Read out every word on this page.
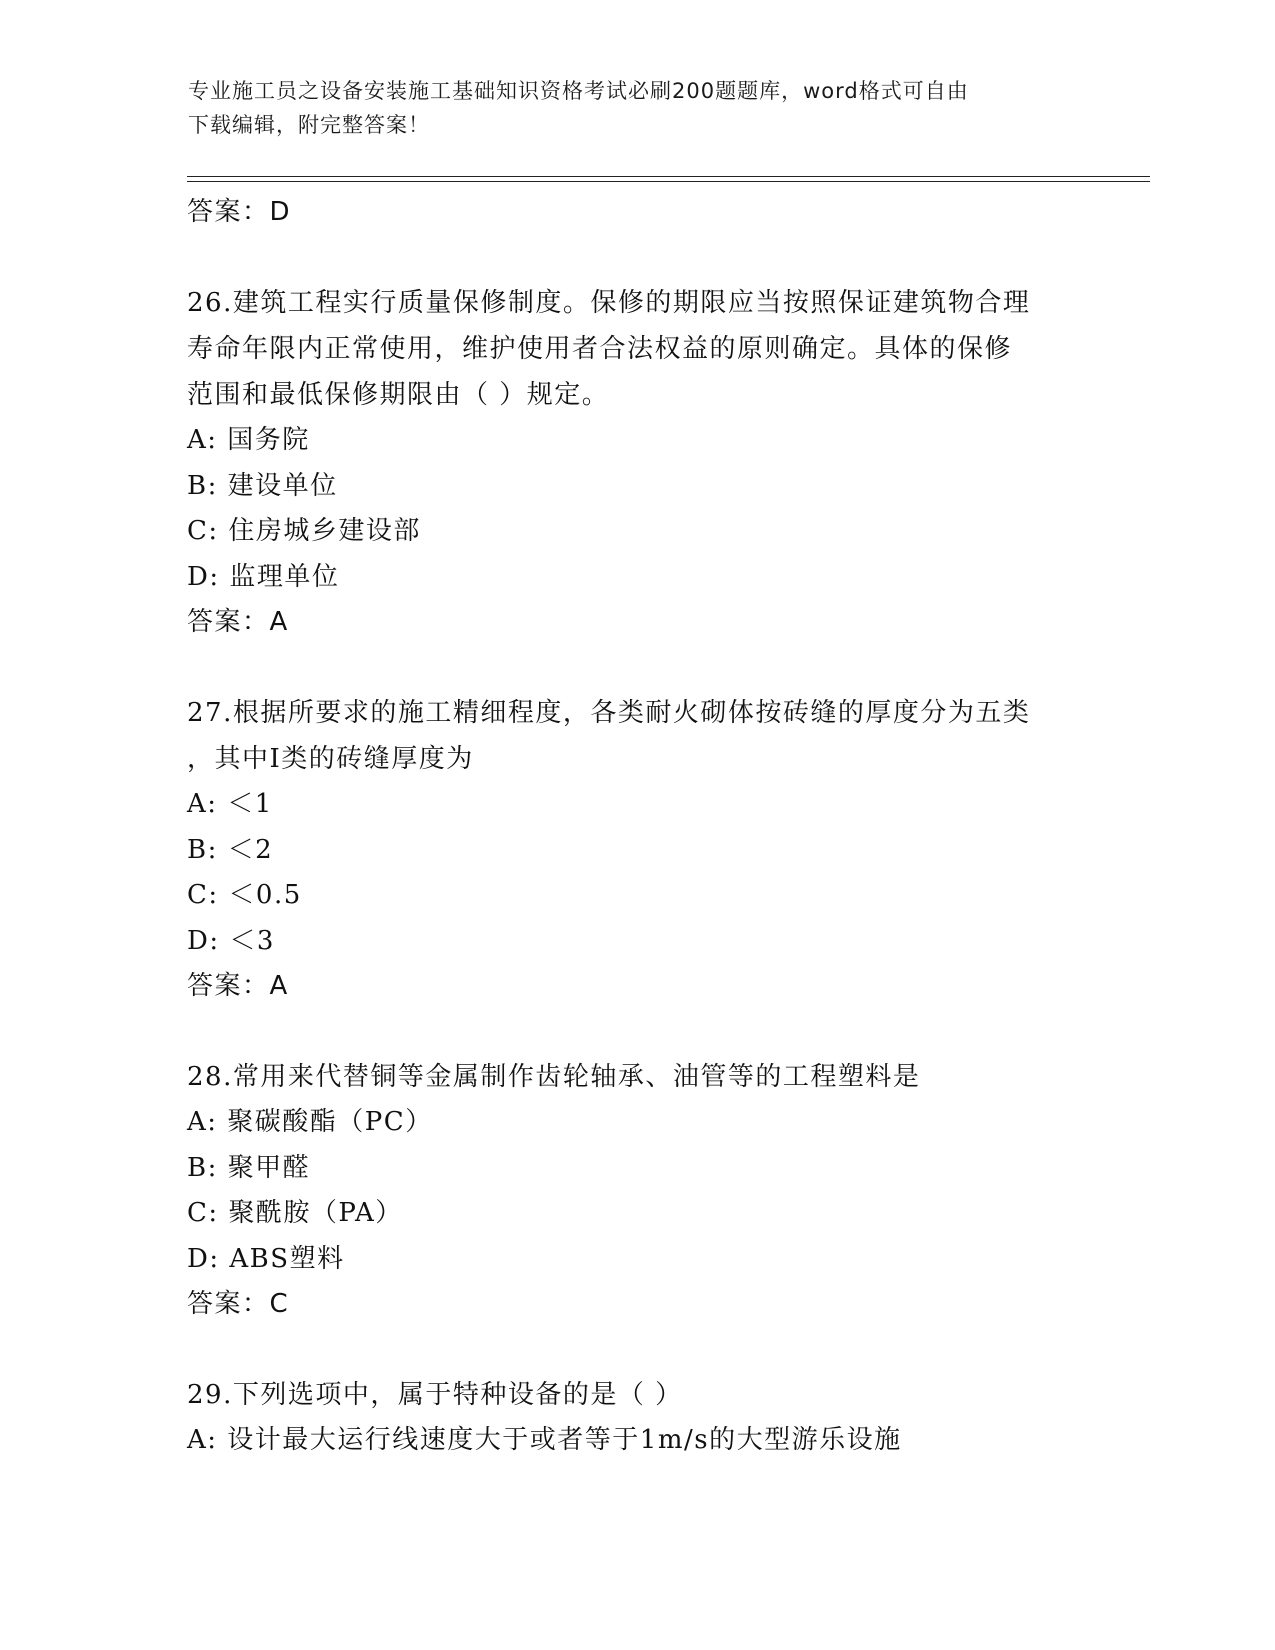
专业施工员之设备安装施工基础知识资格考试必刷200题题库，word格式可自由
下载编辑，附完整答案！
答案：D
26.建筑工程实行质量保修制度。保修的期限应当按照保证建筑物合理
寿命年限内正常使用，维护使用者合法权益的原则确定。具体的保修
范围和最低保修期限由（ ）规定。
A: 国务院
B: 建设单位
C: 住房城乡建设部
D: 监理单位
答案：A
27.根据所要求的施工精细程度，各类耐火砌体按砖缝的厚度分为五类
，其中Ⅰ类的砖缝厚度为
A: ＜1
B: ＜2
C: ＜0.5
D: ＜3
答案：A
28.常用来代替铜等金属制作齿轮轴承、油管等的工程塑料是
A: 聚碳酸酯（PC）
B: 聚甲醛
C: 聚酰胺（PA）
D: ABS塑料
答案：C
29.下列选项中，属于特种设备的是（ ）
A: 设计最大运行线速度大于或者等于1m/s的大型游乐设施
